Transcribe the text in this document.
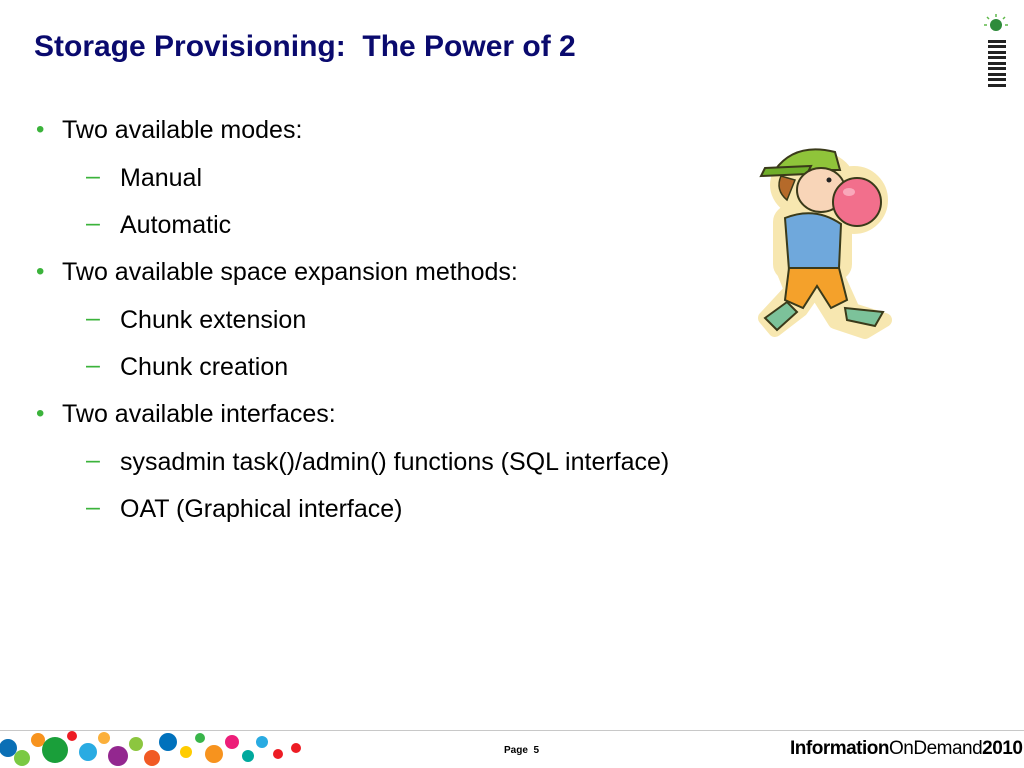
Storage Provisioning:  The Power of 2
• Two available modes:
– Manual
– Automatic
• Two available space expansion methods:
– Chunk extension
– Chunk creation
• Two available interfaces:
– sysadmin task()/admin() functions (SQL interface)
– OAT (Graphical interface)
Page  5	InformationOnDemand2010
